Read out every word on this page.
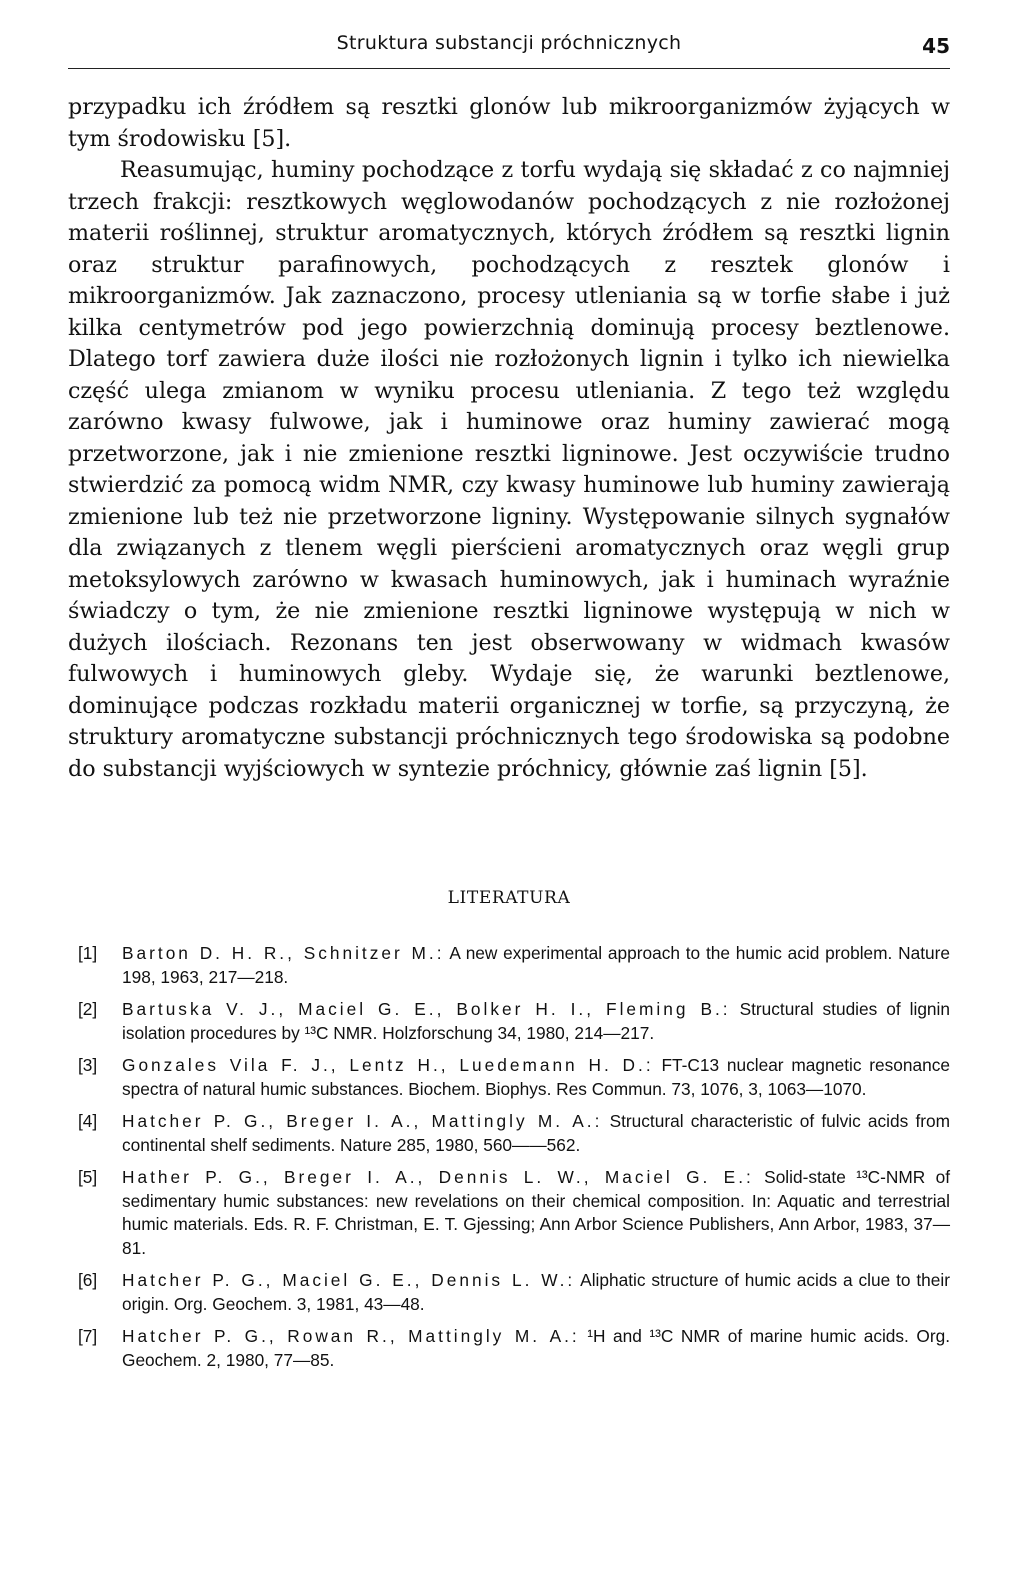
Struktura substancji próchnicznych	45

przypadku ich źródłem są resztki glonów lub mikroorganizmów żyjących w tym środowisku [5].

Reasumując, huminy pochodzące z torfu wydają się składać z co najmniej trzech frakcji: resztkowych węglowodanów pochodzących z nie rozłożonej materii roślinnej, struktur aromatycznych, których źródłem są resztki lignin oraz struktur parafinowych, pochodzących z resztek glonów i mikroorganizmów. Jak zaznaczono, procesy utleniania są w torfie słabe i już kilka centymetrów pod jego powierzchnią dominują procesy beztlenowe. Dlatego torf zawiera duże ilości nie rozłożonych lignin i tylko ich niewielka część ulega zmianom w wyniku procesu utleniania. Z tego też względu zarówno kwasy fulwowe, jak i huminowe oraz huminy zawierać mogą przetworzone, jak i nie zmienione resztki ligninowe. Jest oczywiście trudno stwierdzić za pomocą widm NMR, czy kwasy huminowe lub huminy zawierają zmienione lub też nie przetworzone ligniny. Występowanie silnych sygnałów dla związanych z tlenem węgli pierścieni aromatycznych oraz węgli grup metoksylowych zarówno w kwasach huminowych, jak i huminach wyraźnie świadczy o tym, że nie zmienione resztki ligninowe występują w nich w dużych ilościach. Rezonans ten jest obserwowany w widmach kwasów fulwowych i huminowych gleby. Wydaje się, że warunki beztlenowe, dominujące podczas rozkładu materii organicznej w torfie, są przyczyną, że struktury aromatyczne substancji próchnicznych tego środowiska są podobne do substancji wyjściowych w syntezie próchnicy, głównie zaś lignin [5].

LITERATURA
[1] Barton D. H. R., Schnitzer M.: A new experimental approach to the humic acid problem. Nature 198, 1963, 217—218.
[2] Bartuska V. J., Maciel G. E., Bolker H. I., Fleming B.: Structural studies of lignin isolation procedures by ¹³C NMR. Holzforschung 34, 1980, 214—217.
[3] Gonzales Vila F. J., Lentz H., Luedemann H. D.: FT-C13 nuclear magnetic resonance spectra of natural humic substances. Biochem. Biophys. Res Commun. 73, 1076, 3, 1063—1070.
[4] Hatcher P. G., Breger I. A., Mattingly M. A.: Structural characteristic of fulvic acids from continental shelf sediments. Nature 285, 1980, 560——562.
[5] Hather P. G., Breger I. A., Dennis L. W., Maciel G. E.: Solid-state ¹³C-NMR of sedimentary humic substances: new revelations on their chemical composition. In: Aquatic and terrestrial humic materials. Eds. R. F. Christman, E. T. Gjessing; Ann Arbor Science Publishers, Ann Arbor, 1983, 37—81.
[6] Hatcher P. G., Maciel G. E., Dennis L. W.: Aliphatic structure of humic acids a clue to their origin. Org. Geochem. 3, 1981, 43—48.
[7] Hatcher P. G., Rowan R., Mattingly M. A.: ¹H and ¹³C NMR of marine humic acids. Org. Geochem. 2, 1980, 77—85.
